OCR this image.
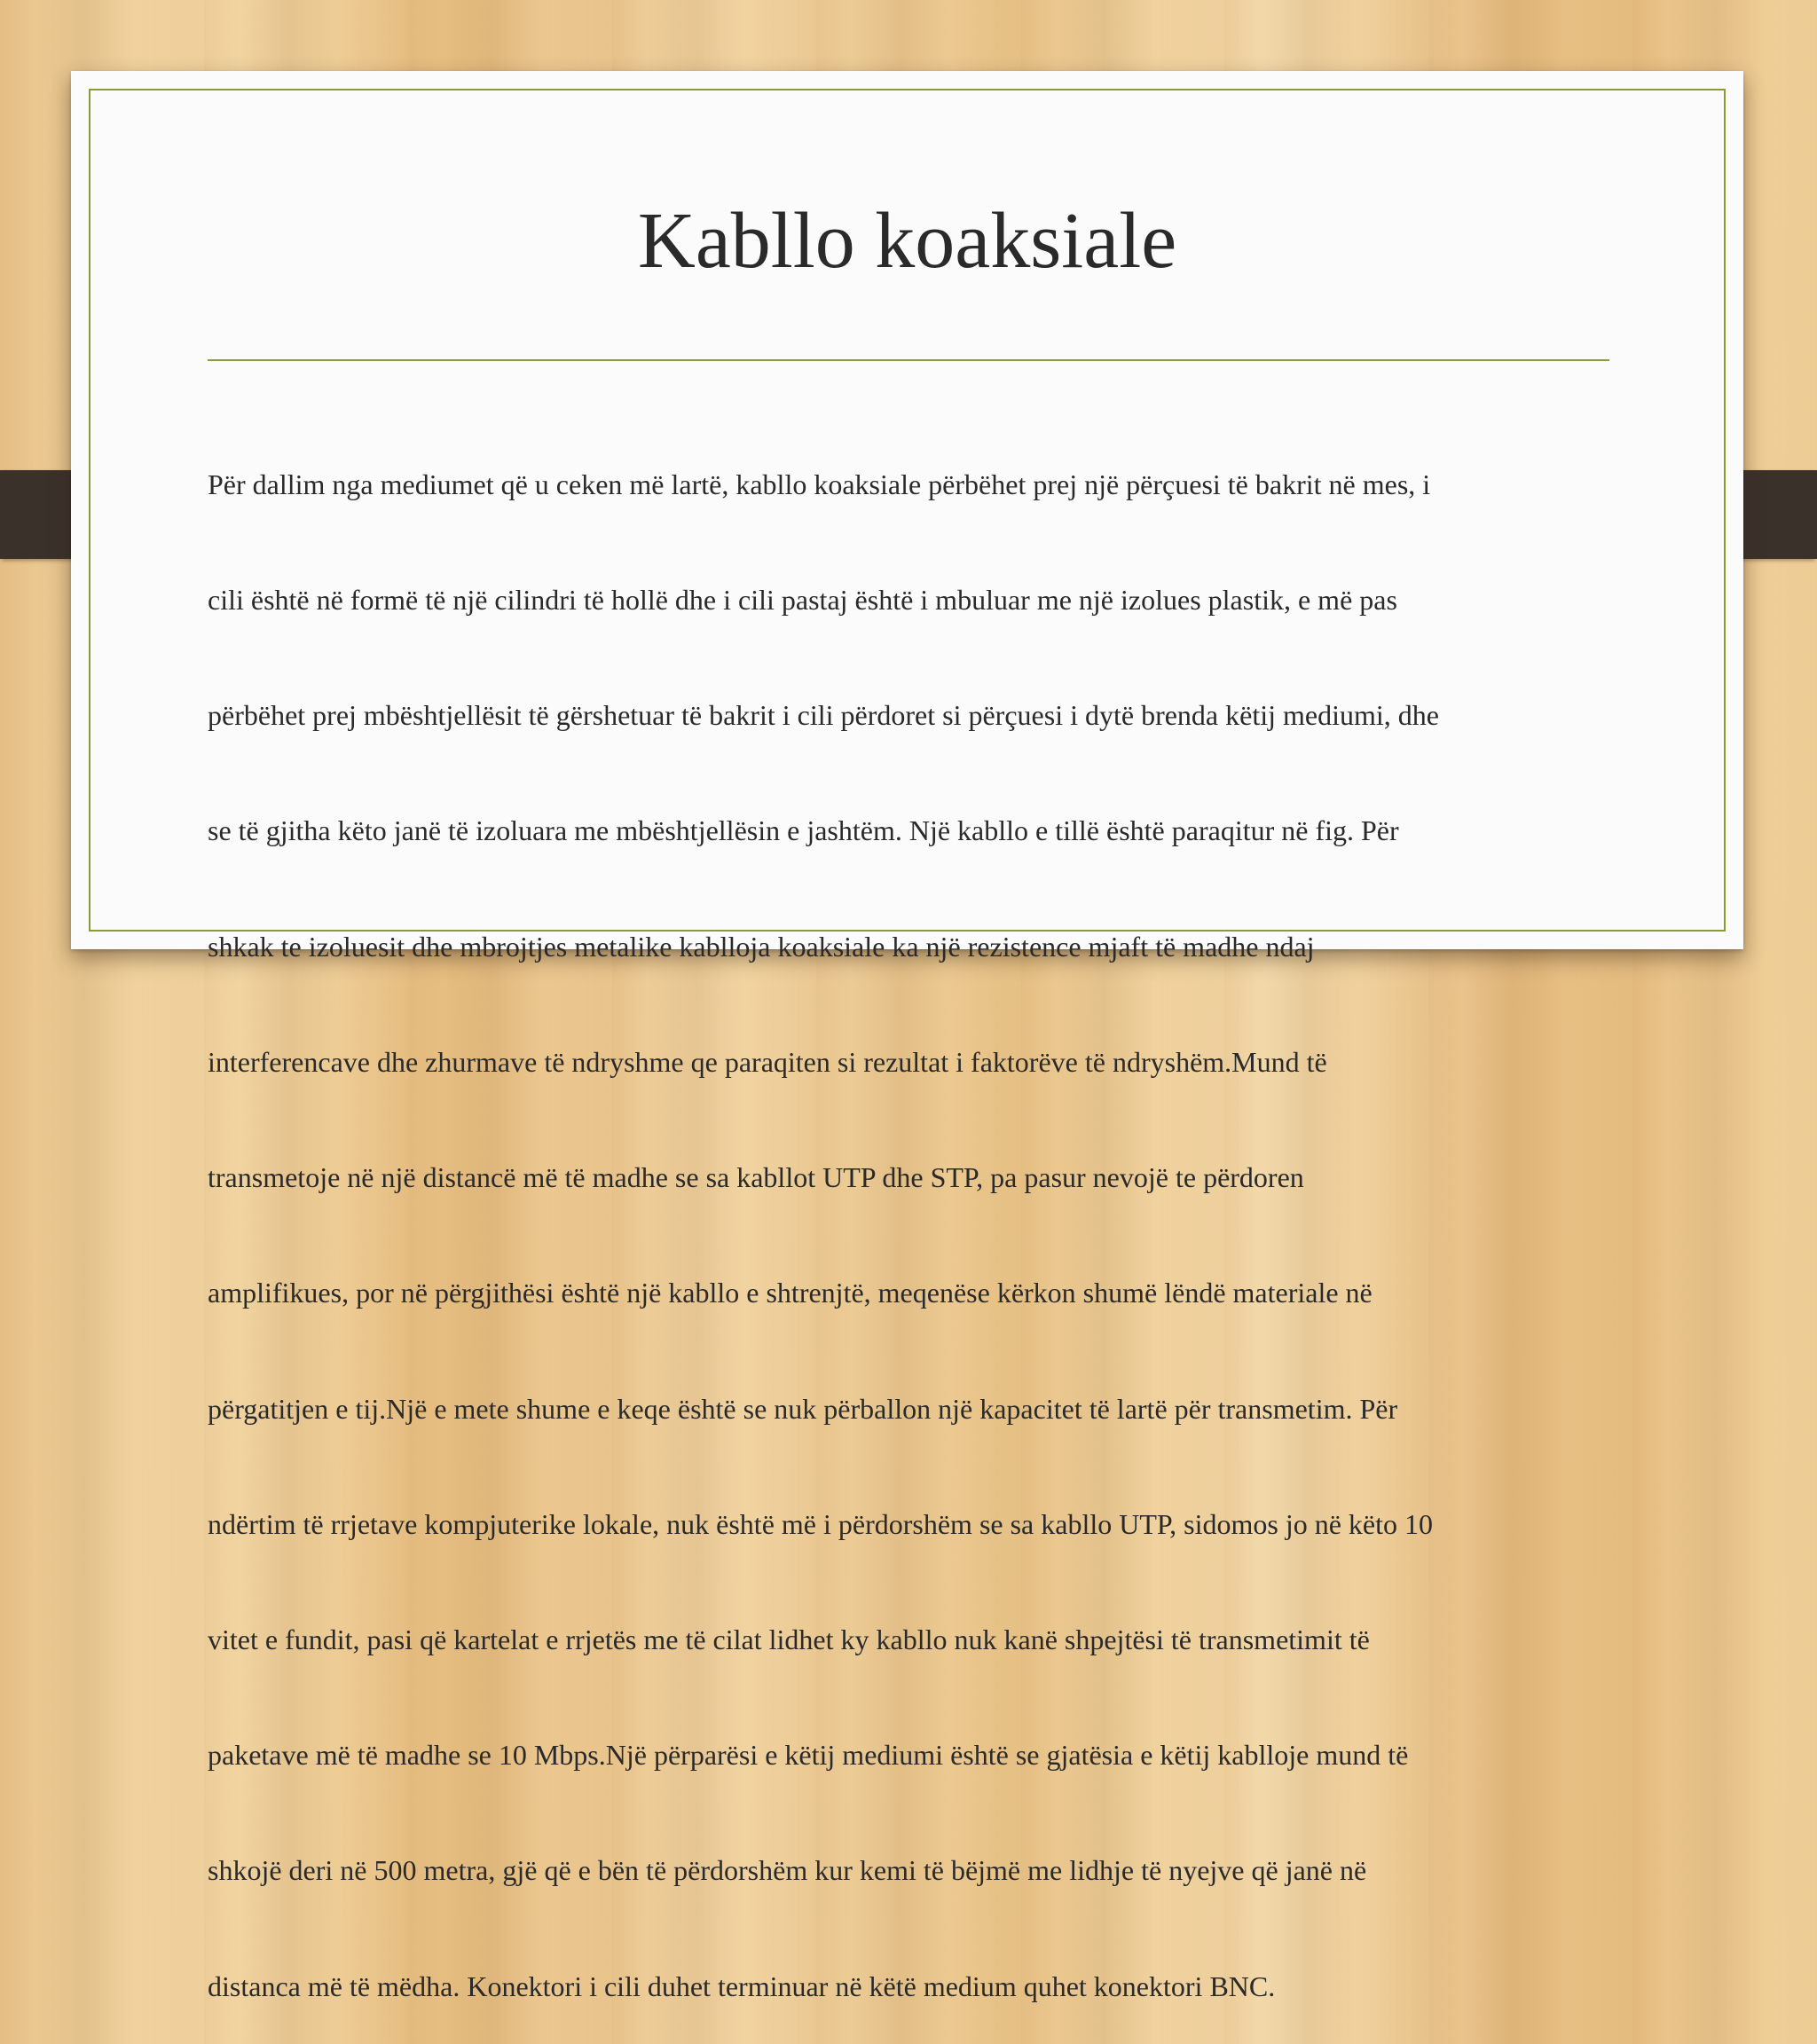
Kabllo koaksiale

Për dallim nga mediumet që u ceken më lartë, kabllo koaksiale përbëhet prej një përçuesi të bakrit në mes, i

cili është në formë të një cilindri të hollë dhe i cili pastaj është i mbuluar me një izolues plastik, e më pas

përbëhet prej mbështjellësit të gërshetuar të bakrit i cili përdoret si përçuesi i dytë brenda këtij mediumi, dhe

se të gjitha këto janë të izoluara me mbështjellësin e jashtëm. Një kabllo e tillë është paraqitur në fig. Për

shkak te izoluesit dhe mbrojtjes metalike kablloja koaksiale ka një rezistence mjaft të madhe ndaj

interferencave dhe zhurmave të ndryshme qe paraqiten si rezultat i faktorëve të ndryshëm.Mund të

transmetoje në një distancë më të madhe se sa kabllot UTP dhe STP, pa pasur nevojë te përdoren

amplifikues, por në përgjithësi është një kabllo e shtrenjtë, meqenëse kërkon shumë lëndë materiale në

përgatitjen e tij.Një e mete shume e keqe është se nuk përballon një kapacitet të lartë për transmetim. Për

ndërtim të rrjetave kompjuterike lokale, nuk është më i përdorshëm se sa kabllo UTP, sidomos jo në këto 10

vitet e fundit, pasi që kartelat e rrjetës me të cilat lidhet ky kabllo nuk kanë shpejtësi të transmetimit të

paketave më të madhe se 10 Mbps.Një përparësi e këtij mediumi është se gjatësia e këtij kablloje mund të

shkojë deri në 500 metra, gjë që e bën të përdorshëm kur kemi të bëjmë me lidhje të nyejve që janë në

distanca më të mëdha. Konektori i cili duhet terminuar në këtë medium quhet konektori BNC.
